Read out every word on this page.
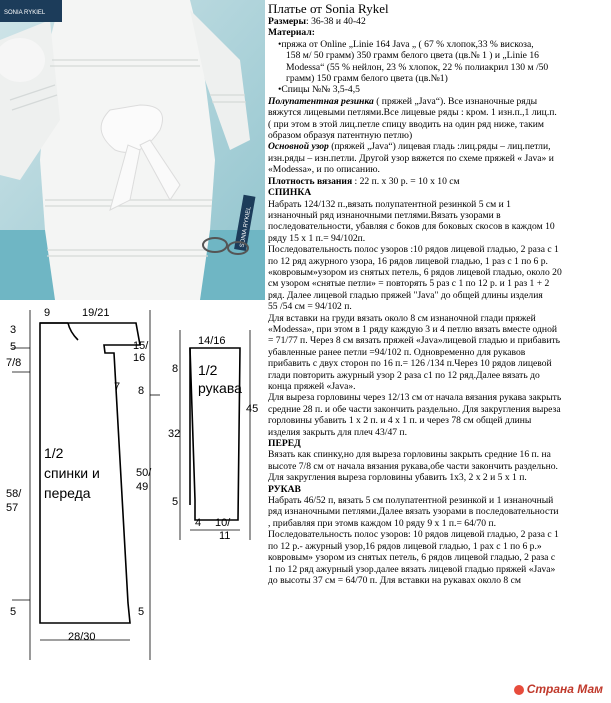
SONIA RYKIEL
SONIA RYKIEL
9	19/21
3
5
7/8
15/
16
7 8
50/
49
58/
57
5	5
28/30
1/2
спинки и
переда
1/2
рукава
14/16
8
32
45
5
4 10/
11

Платье от Sonia Rykel

Размеры: 36-38 и 40-42

Материал:

•пряжа от Online „Linie 164 Java „ ( 67 % хлопок,33 % вискоза,

158 м/ 50 грамм) 350 грамм белого цвета (цв.№ 1 ) и „Linie 16

Modessa“ (55 % нейлон, 23 % хлопок, 22 % полиакрил 130 м /50

грамм) 150 грамм белого цвета (цв.№1)

•Спицы №№ 3,5-4,5

Полупатентная резинка ( пряжей „Java“). Все изнаночные ряды

вяжутся лицевыми петлями.Все лицевые ряды : кром. 1 изн.п.,1 лиц.п.

( при этом в этой лиц.петле спицу вводить на один ряд ниже, таким

образом образуя патентную петлю)

Основной узор (пряжей „Java“) лицевая гладь :лиц.ряды – лиц.петли,

изн.ряды – изн.петли. Другой узор вяжется по схеме пряжей « Java» и

«Modessa», и по описанию.

Плотность вязания : 22 п. х 30 р. = 10 х 10 см

СПИНКА

Набрать 124/132 п.,вязать полупатентной резинкой 5 см и 1

изнаночный ряд изнаночными петлями.Вязать узорами в

последовательности, убавляя с боков для боковых скосов в каждом 10

ряду 15 х 1 п.= 94/102п.

Последовательность полос узоров :10 рядов лицевой гладью, 2 раза с 1

по 12 ряд ажурного узора, 16 рядов лицевой гладью, 1 раз с 1 по 6 р.

«ковровым»узором из снятых петель, 6 рядов лицевой гладью, около 20

см узором «снятые петли» = повторять 5 раз с 1 по 12 р. и 1 раз 1 + 2

ряд. Далее лицевой гладью пряжей "Java" до общей длины изделия

55 /54 см = 94/102 п.

Для вставки на груди вязать около 8 см изнаночной глади пряжей

«Modessa», при этом в 1 ряду каждую 3 и 4 петлю вязать вместе одной

= 71/77 п. Через 8 см вязать пряжей «Java»лицевой гладью и прибавить

убавленные ранее петли =94/102 п. Одновременно для рукавов

прибавить с двух сторон по 16 п.= 126 /134 п.Через 10 рядов лицевой

глади повторить ажурный узор 2 раза с1 по 12 ряд.Далее вязать до

конца пряжей «Java».

Для выреза горловины через 12/13 см от начала вязания рукава закрыть

средние 28 п. и обе части закончить раздельно. Для закругления выреза

горловины убавить 1 х 2 п. и 4 х 1 п. и через 78 см общей длины

изделия закрыть для плеч 43/47 п.

ПЕРЕД

Вязать как спинку,но для выреза горловины закрыть средние 16 п. на

высоте 7/8 см от начала вязания рукава,обе части закончить раздельно.

Для закругления выреза горловины убавить 1х3, 2 х 2 и 5 х 1 п.

РУКАВ

Набрать 46/52 п, вязать 5 см полупатентной резинкой и 1 изнаночный

ряд изнаночными петлями.Далее вязать узорами в последовательности

, прибавляя при этомв каждом 10 ряду 9 х 1 п.= 64/70 п.

Последовательность полос узоров: 10 рядов лицевой гладью, 2 раза с 1

по 12 р.- ажурный узор,16 рядов лицевой гладью, 1 рах с 1 по 6 р.»

ковровым» узором из снятых петель, 6 рядов лицевой гладью, 2 раза с

1 по 12 ряд ажурный узор.далее вязать лицевой гладью пряжей «Java»

до высоты 37 см = 64/70 п. Для вставки на рукавах около 8 см

Страна Мам
